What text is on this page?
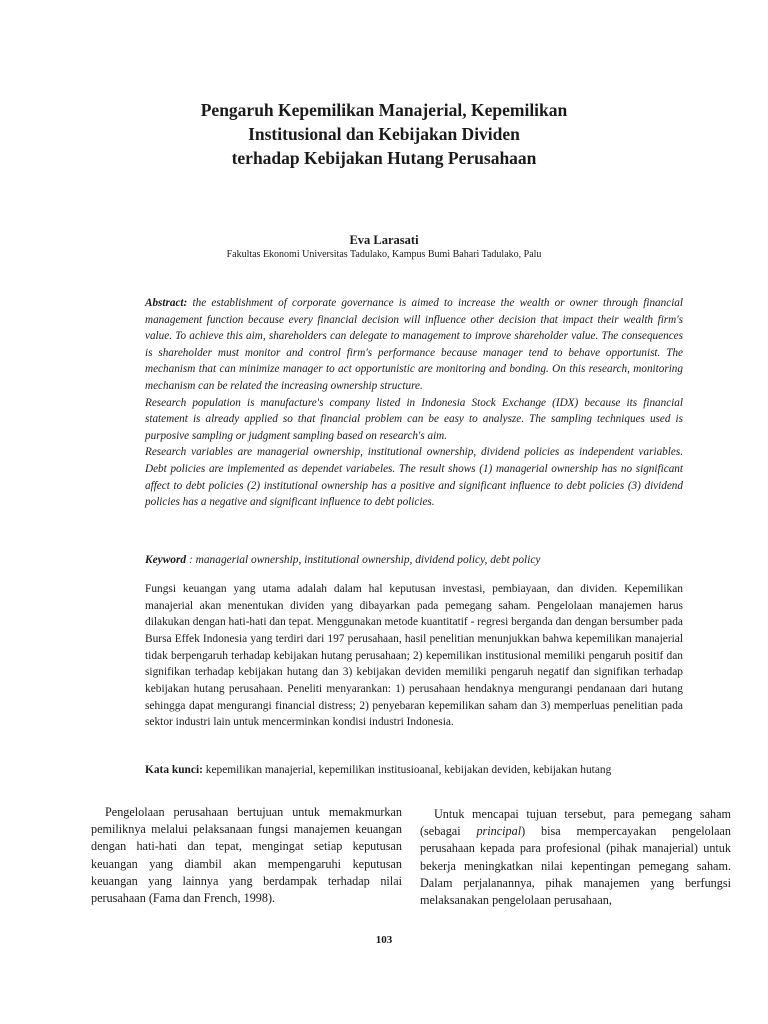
Pengaruh Kepemilikan Manajerial, Kepemilikan
Institusional dan Kebijakan Dividen
terhadap Kebijakan Hutang Perusahaan

Eva Larasati

Fakultas Ekonomi Universitas Tadulako, Kampus Bumi Bahari Tadulako, Palu

Abstract: the establishment of corporate governance is aimed to increase the wealth or owner through financial management function because every financial decision will influence other decision that impact their wealth firm's value. To achieve this aim, shareholders can delegate to management to improve shareholder value. The consequences is shareholder must monitor and control firm's performance because manager tend to behave opportunist. The mechanism that can minimize manager to act opportunistic are monitoring and bonding. On this research, monitoring mechanism can be related the increasing ownership structure.

Research population is manufacture's company listed in Indonesia Stock Exchange (IDX) because its financial statement is already applied so that financial problem can be easy to analysze. The sampling techniques used is purposive sampling or judgment sampling based on research's aim.

Research variables are managerial ownership, institutional ownership, dividend policies as independent variables. Debt policies are implemented as dependet variabeles. The result shows (1) managerial ownership has no significant affect to debt policies (2) institutional ownership has a positive and significant influence to debt policies (3) dividend policies has a negative and significant influence to debt policies.

Keyword : managerial ownership, institutional ownership, dividend policy, debt policy

Fungsi keuangan yang utama adalah dalam hal keputusan investasi, pembiayaan, dan dividen. Kepemilikan manajerial akan menentukan dividen yang dibayarkan pada pemegang saham. Pengelolaan manajemen harus dilakukan dengan hati-hati dan tepat. Menggunakan metode kuantitatif - regresi berganda dan dengan bersumber pada Bursa Effek Indonesia yang terdiri dari 197 perusahaan, hasil penelitian menunjukkan bahwa kepemilikan manajerial tidak berpengaruh terhadap kebijakan hutang perusahaan; 2) kepemilikan institusional memiliki pengaruh positif dan signifikan terhadap kebijakan hutang dan 3) kebijakan deviden memiliki pengaruh negatif dan signifikan terhadap kebijakan hutang perusahaan. Peneliti menyarankan: 1) perusahaan hendaknya mengurangi pendanaan dari hutang sehingga dapat mengurangi financial distress; 2) penyebaran kepemilikan saham dan 3) memperluas penelitian pada sektor industri lain untuk mencerminkan kondisi industri Indonesia.

Kata kunci: kepemilikan manajerial, kepemilikan institusioanal, kebijakan deviden, kebijakan hutang

Pengelolaan perusahaan bertujuan untuk memakmurkan pemiliknya melalui pelaksanaan fungsi manajemen keuangan dengan hati-hati dan tepat, mengingat setiap keputusan keuangan yang diambil akan mempengaruhi keputusan keuangan yang lainnya yang berdampak terhadap nilai perusahaan (Fama dan French, 1998).

Untuk mencapai tujuan tersebut, para pemegang saham (sebagai principal) bisa mempercayakan pengelolaan perusahaan kepada para profesional (pihak manajerial) untuk bekerja meningkatkan nilai kepentingan pemegang saham. Dalam perjalanannya, pihak manajemen yang berfungsi melaksanakan pengelolaan perusahaan,

103
